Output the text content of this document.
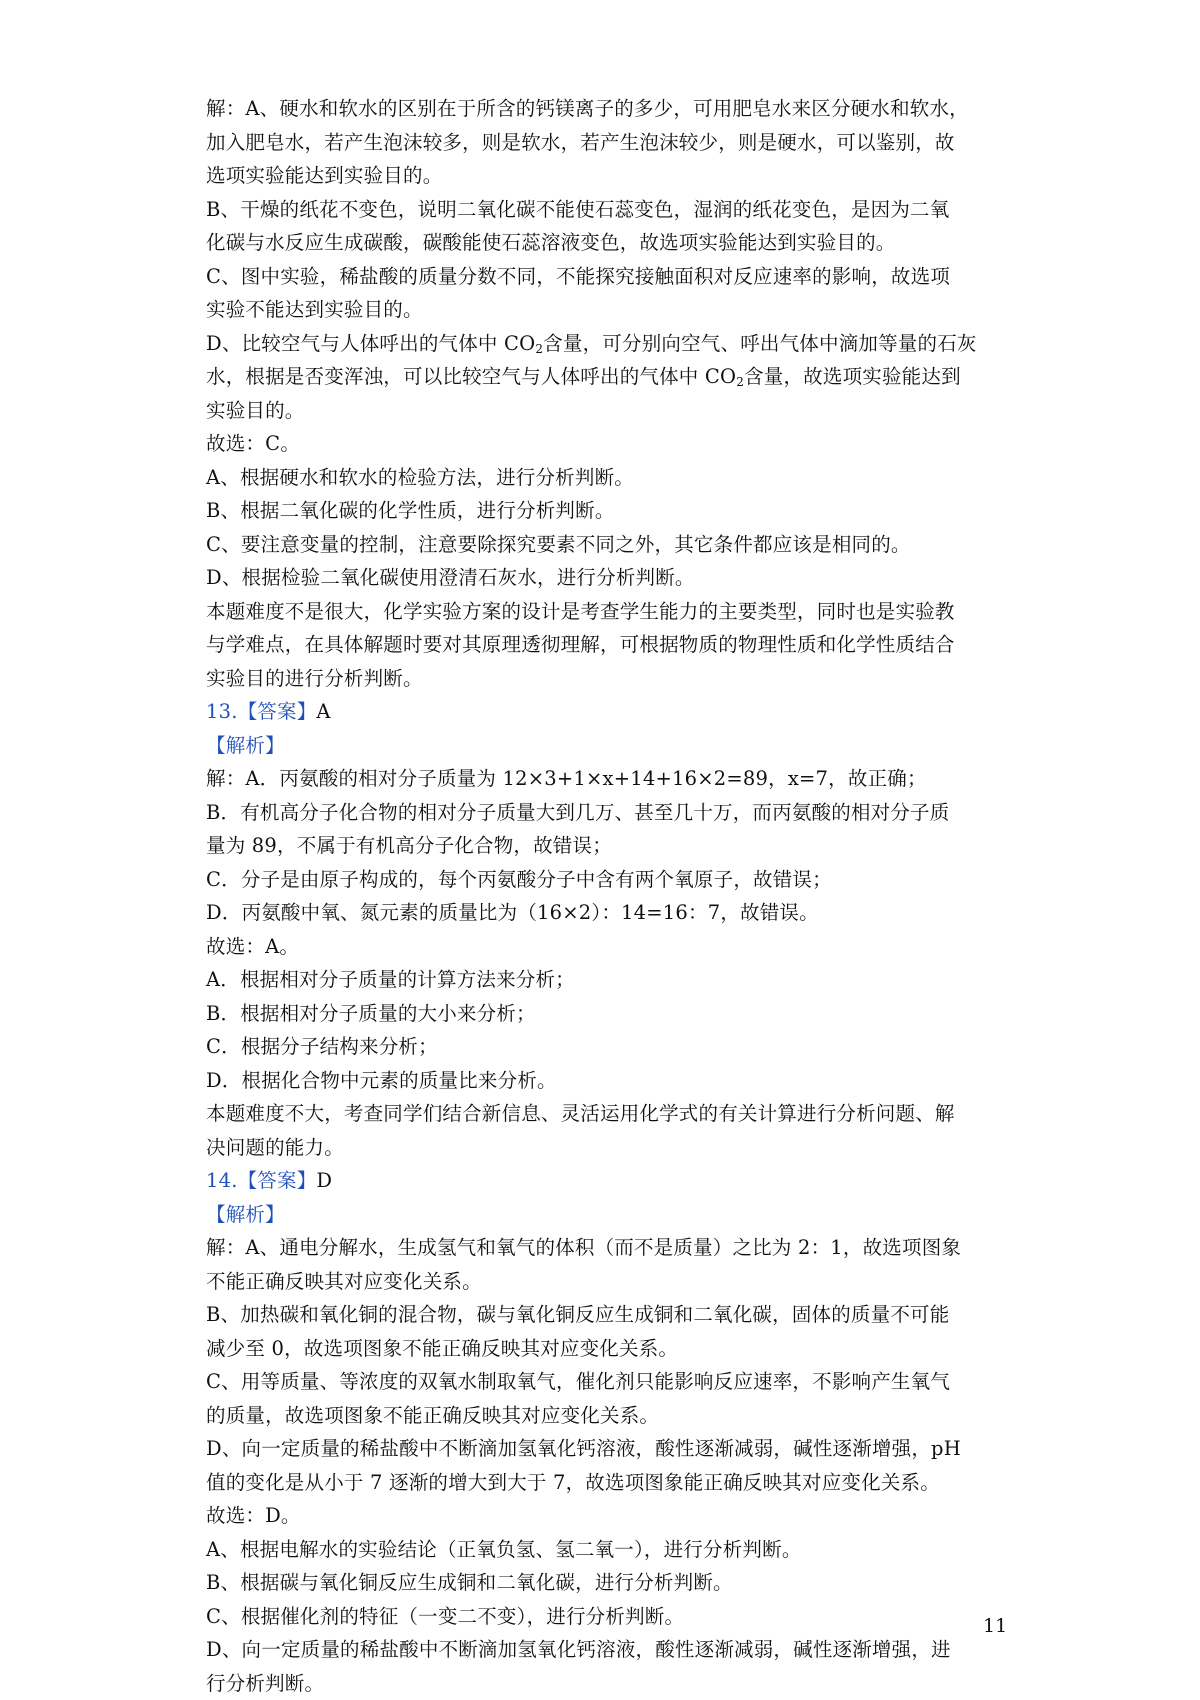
解：A、硬水和软水的区别在于所含的钙镁离子的多少，可用肥皂水来区分硬水和软水，
加入肥皂水，若产生泡沫较多，则是软水，若产生泡沫较少，则是硬水，可以鉴别，故
选项实验能达到实验目的。
B、干燥的纸花不变色，说明二氧化碳不能使石蕊变色，湿润的纸花变色，是因为二氧
化碳与水反应生成碳酸，碳酸能使石蕊溶液变色，故选项实验能达到实验目的。
C、图中实验，稀盐酸的质量分数不同，不能探究接触面积对反应速率的影响，故选项
实验不能达到实验目的。
D、比较空气与人体呼出的气体中 $CO_2$含量，可分别向空气、呼出气体中滴加等量的石灰
水，根据是否变浑浊，可以比较空气与人体呼出的气体中 $CO_2$含量，故选项实验能达到
实验目的。
故选：C。
A、根据硬水和软水的检验方法，进行分析判断。
B、根据二氧化碳的化学性质，进行分析判断。
C、要注意变量的控制，注意要除探究要素不同之外，其它条件都应该是相同的。
D、根据检验二氧化碳使用澄清石灰水，进行分析判断。
本题难度不是很大，化学实验方案的设计是考查学生能力的主要类型，同时也是实验教
与学难点，在具体解题时要对其原理透彻理解，可根据物质的物理性质和化学性质结合
实验目的进行分析判断。
13.【答案】A
【解析】
解：A．丙氨酸的相对分子质量为 12×3+1×x+14+16×2=89，x=7，故正确；
B．有机高分子化合物的相对分子质量大到几万、甚至几十万，而丙氨酸的相对分子质
量为 89，不属于有机高分子化合物，故错误；
C．分子是由原子构成的，每个丙氨酸分子中含有两个氧原子，故错误；
D．丙氨酸中氧、氮元素的质量比为（16×2）：14=16：7，故错误。
故选：A。
A．根据相对分子质量的计算方法来分析；
B．根据相对分子质量的大小来分析；
C．根据分子结构来分析；
D．根据化合物中元素的质量比来分析。
本题难度不大，考查同学们结合新信息、灵活运用化学式的有关计算进行分析问题、解
决问题的能力。
14.【答案】D
【解析】
解：A、通电分解水，生成氢气和氧气的体积（而不是质量）之比为 2：1，故选项图象
不能正确反映其对应变化关系。
B、加热碳和氧化铜的混合物，碳与氧化铜反应生成铜和二氧化碳，固体的质量不可能
减少至 0，故选项图象不能正确反映其对应变化关系。
C、用等质量、等浓度的双氧水制取氧气，催化剂只能影响反应速率，不影响产生氧气
的质量，故选项图象不能正确反映其对应变化关系。
D、向一定质量的稀盐酸中不断滴加氢氧化钙溶液，酸性逐渐减弱，碱性逐渐增强，pH
值的变化是从小于 7 逐渐的增大到大于 7，故选项图象能正确反映其对应变化关系。
故选：D。
A、根据电解水的实验结论（正氧负氢、氢二氧一），进行分析判断。
B、根据碳与氧化铜反应生成铜和二氧化碳，进行分析判断。
C、根据催化剂的特征（一变二不变），进行分析判断。
D、向一定质量的稀盐酸中不断滴加氢氧化钙溶液，酸性逐渐减弱，碱性逐渐增强，进
行分析判断。
11
